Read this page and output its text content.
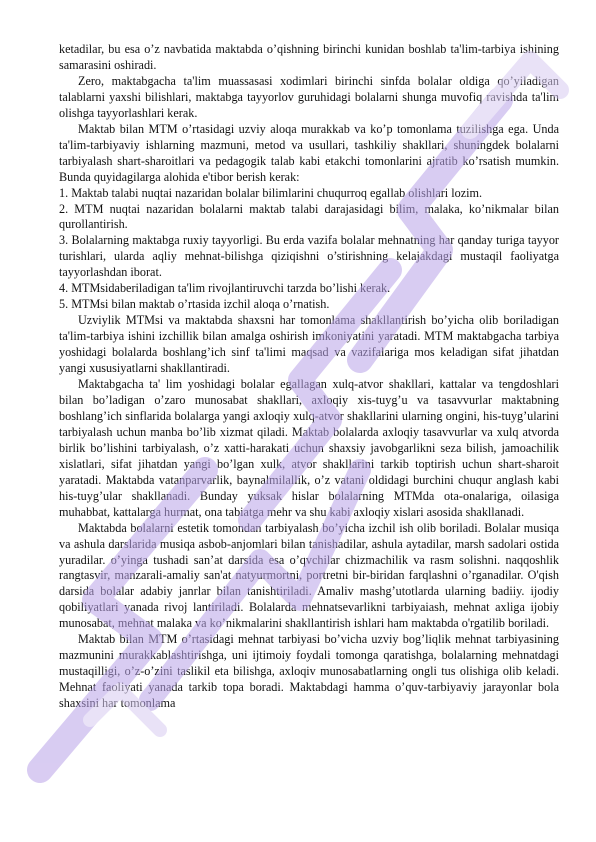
ketadilar, bu esa o’z navbatida maktabda o’qishning birinchi kunidan boshlab ta'lim-tarbiya ishining samarasini oshiradi.

Zero, maktabgacha ta'lim muassasasi xodimlari birinchi sinfda bolalar oldiga qo’yiladigan talablarni yaxshi bilishlari, maktabga tayyorlov guruhidagi bolalarni shunga muvofiq ravishda ta'lim olishga tayyorlashlari kerak.

Maktab bilan MTM o’rtasidagi uzviy aloqa murakkab va ko’p tomonlama tuzilishga ega. Unda ta'lim-tarbiyaviy ishlarning mazmuni, metod va usullari, tashkiliy shakllari, shuningdek bolalarni tarbiyalash shart-sharoitlari va pedagogik talab kabi etakchi tomonlarini ajratib ko’rsatish mumkin. Bunda quyidagilarga alohida e'tibor berish kerak:

1. Maktab talabi nuqtai nazaridan bolalar bilimlarini chuqurroq egallab olishlari lozim.

2. MTM nuqtai nazaridan bolalarni maktab talabi darajasidagi bilim, malaka, ko’nikmalar bilan qurollantirish.

3. Bolalarning maktabga ruxiy tayyorligi. Bu erda vazifa bolalar mehnatning har qanday turiga tayyor turishlari, ularda aqliy mehnat-bilishga qiziqishni o’stirishning kelajakdagi mustaqil faoliyatga tayyorlashdan iborat.

4. MTMsidaberiladigan ta'lim rivojlantiruvchi tarzda bo’lishi kerak.

5. MTMsi bilan maktab o’rtasida izchil aloqa o’rnatish.

Uzviylik MTMsi va maktabda shaxsni har tomonlama shakllantirish bo’yicha olib boriladigan ta'lim-tarbiya ishini izchillik bilan amalga oshirish imkoniyatini yaratadi. MTM maktabgacha tarbiya yoshidagi bolalarda boshlang’ich sinf ta'limi maqsad va vazifalariga mos keladigan sifat jihatdan yangi xususiyatlarni shakllantiradi.

Maktabgacha ta' lim yoshidagi bolalar egallagan xulq-atvor shakllari, kattalar va tengdoshlari bilan bo’ladigan o’zaro munosabat shakllari, axloqiy xis-tuyg’u va tasavvurlar maktabning boshlang’ich sinflarida bolalarga yangi axloqiy xulq-atvor shakllarini ularning ongini, his-tuyg’ularini tarbiyalash uchun manba bo’lib xizmat qiladi. Maktab bolalarda axloqiy tasavvurlar va xulq atvorda birlik bo’lishini tarbiyalash, o’z xatti-harakati uchun shaxsiy javobgarlikni seza bilish, jamoachilik xislatlari, sifat jihatdan yangi bo’lgan xulk, atvor shakllarini tarkib toptirish uchun shart-sharoit yaratadi. Maktabda vatanparvarlik, baynalmilallik, o’z vatani oldidagi burchini chuqur anglash kabi his-tuyg’ular shakllanadi. Bunday yuksak hislar bolalarning MTMda ota-onalariga, oilasiga muhabbat, kattalarga hurmat, ona tabiatga mehr va shu kabi axloqiy xislari asosida shakllanadi.

Maktabda bolalarni estetik tomondan tarbiyalash bo’yicha izchil ish olib boriladi. Bolalar musiqa va ashula darslarida musiqa asbob-anjomlari bilan tanishadilar, ashula aytadilar, marsh sadolari ostida yuradilar. o’yinga tushadi san’at darsida esa o’qvchilar chizmachilik va rasm solishni. naqqoshlik rangtasvir, manzarali-amaliy san'at natyurmortni, portretni bir-biridan farqlashni o’rganadilar. O'qish darsida bolalar adabiy janrlar bilan tanishtiriladi. Amaliv mashg’utotlarda ularning badiiy. ijodiy qobiliyatlari yanada rivoj lantiriladi. Bolalarda mehnatsevarlikni tarbiyaiash, mehnat axliga ijobiy munosabat, mehnat malaka va ko’nikmalarini shakllantirish ishlari ham maktabda o'rgatilib boriladi.

Maktab bilan MTM o’rtasidagi mehnat tarbiyasi bo’vicha uzviy bog’liqlik mehnat tarbiyasining mazmunini murakkablashtirishga, uni ijtimoiy foydali tomonga qaratishga, bolalarning mehnatdagi mustaqilligi, o’z-o’zini taslikil eta bilishga, axloqiv munosabatlarning ongli tus olishiga olib keladi. Mehnat faoliyati yanada tarkib topa boradi. Maktabdagi hamma o’quv-tarbiyaviy jarayonlar bola shaxsini har tomonlama
